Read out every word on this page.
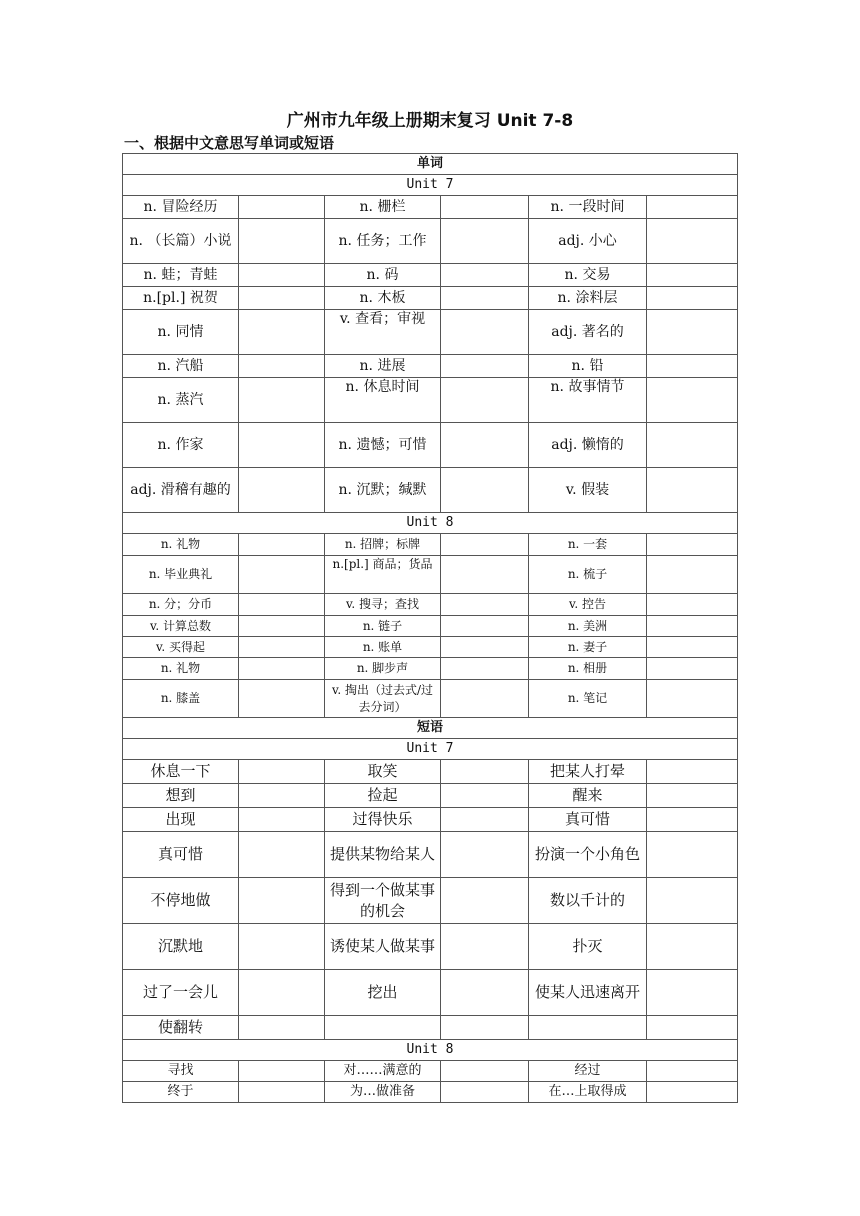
广州市九年级上册期末复习 Unit 7-8
一、根据中文意思写单词或短语
单词					
Unit 7					
n. 冒险经历		n. 栅栏		n. 一段时间	
n. （长篇）小说		n. 任务；工作		adj. 小心	
n. 蛙；青蛙		n. 码		n. 交易	
n.[pl.] 祝贺		n. 木板		n. 涂料层	
n. 同情		v. 查看；审视		adj. 著名的	
n. 汽船		n. 进展		n. 铅	
n. 蒸汽		n. 休息时间		n. 故事情节	
n. 作家		n. 遗憾；可惜		adj. 懒惰的	
adj. 滑稽有趣的		n. 沉默；缄默		v. 假装	
Unit 8					
n. 礼物		n. 招牌；标牌		n. 一套	
n. 毕业典礼		n.[pl.] 商品；货品		n. 梳子	
n. 分；分币		v. 搜寻；查找		v. 控告	
v. 计算总数		n. 链子		n. 美洲	
v. 买得起		n. 账单		n. 妻子	
n. 礼物		n. 脚步声		n. 相册	
n. 膝盖		v. 掏出（过去式/过去分词）		n. 笔记	
短语					
Unit 7					
休息一下		取笑		把某人打晕	
想到		捡起		醒来	
出现		过得快乐		真可惜	
真可惜		提供某物给某人		扮演一个小角色	
不停地做		得到一个做某事的机会		数以千计的	
沉默地		诱使某人做某事		扑灭	
过了一会儿		挖出		使某人迅速离开	
使翻转					
Unit 8					
寻找		对……满意的		经过	
终于		为…做准备		在…上取得成	
